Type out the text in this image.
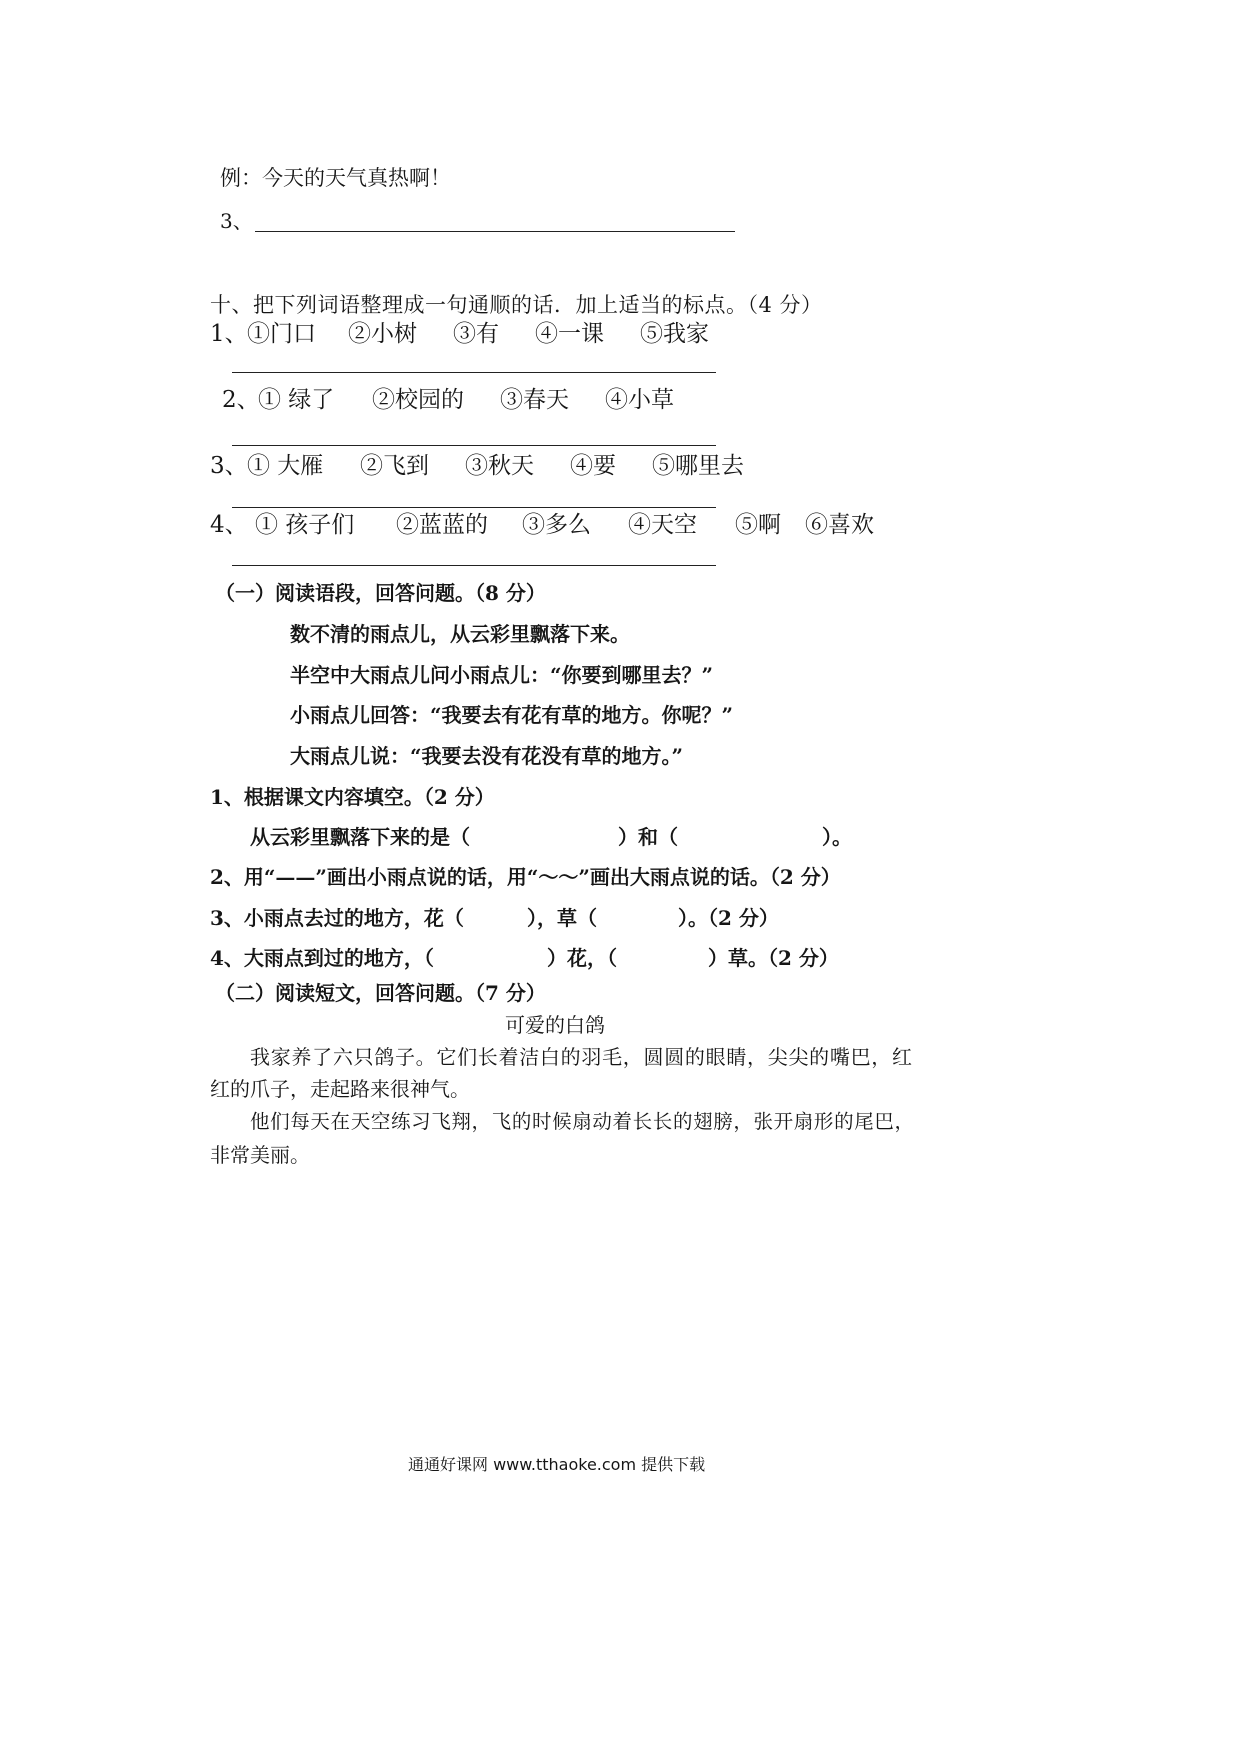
例：今天的天气真热啊！
3、
十、把下列词语整理成一句通顺的话．加上适当的标点。（4 分）
1、 ①门口 ②小树 ③有 ④一课 ⑤我家
2、
① 绿了 ②校园的 ③春天 ④小草
3、 ① 大雁 ②飞到 ③秋天 ④要 ⑤哪里去
4、 ① 孩子们 ②蓝蓝的 ③多么 ④天空 ⑤啊 ⑥喜欢
（一）阅读语段，回答问题。（8 分）
数不清的雨点儿，从云彩里飘落下来。
半空中大雨点儿问小雨点儿：“你要到哪里去？”
小雨点儿回答：“我要去有花有草的地方。你呢？”
大雨点儿说：“我要去没有花没有草的地方。”
1、根据课文内容填空。（2 分）
从云彩里飘落下来的是（	）和（	）。
2、用“——”画出小雨点说的话，用“～～”画出大雨点说的话。（2 分）
3、小雨点去过的地方，花（	），草（	）。（2 分）
4、大雨点到过的地方，（	）花，（	）草。（2 分）
（二）阅读短文，回答问题。（7 分）
可爱的白鸽
我家养了六只鸽子。它们长着洁白的羽毛，圆圆的眼睛，尖尖的嘴巴，红
红的爪子，走起路来很神气。
他们每天在天空练习飞翔，飞的时候扇动着长长的翅膀，张开扇形的尾巴，
非常美丽。
通通好课网 www.tthaoke.com 提供下载
